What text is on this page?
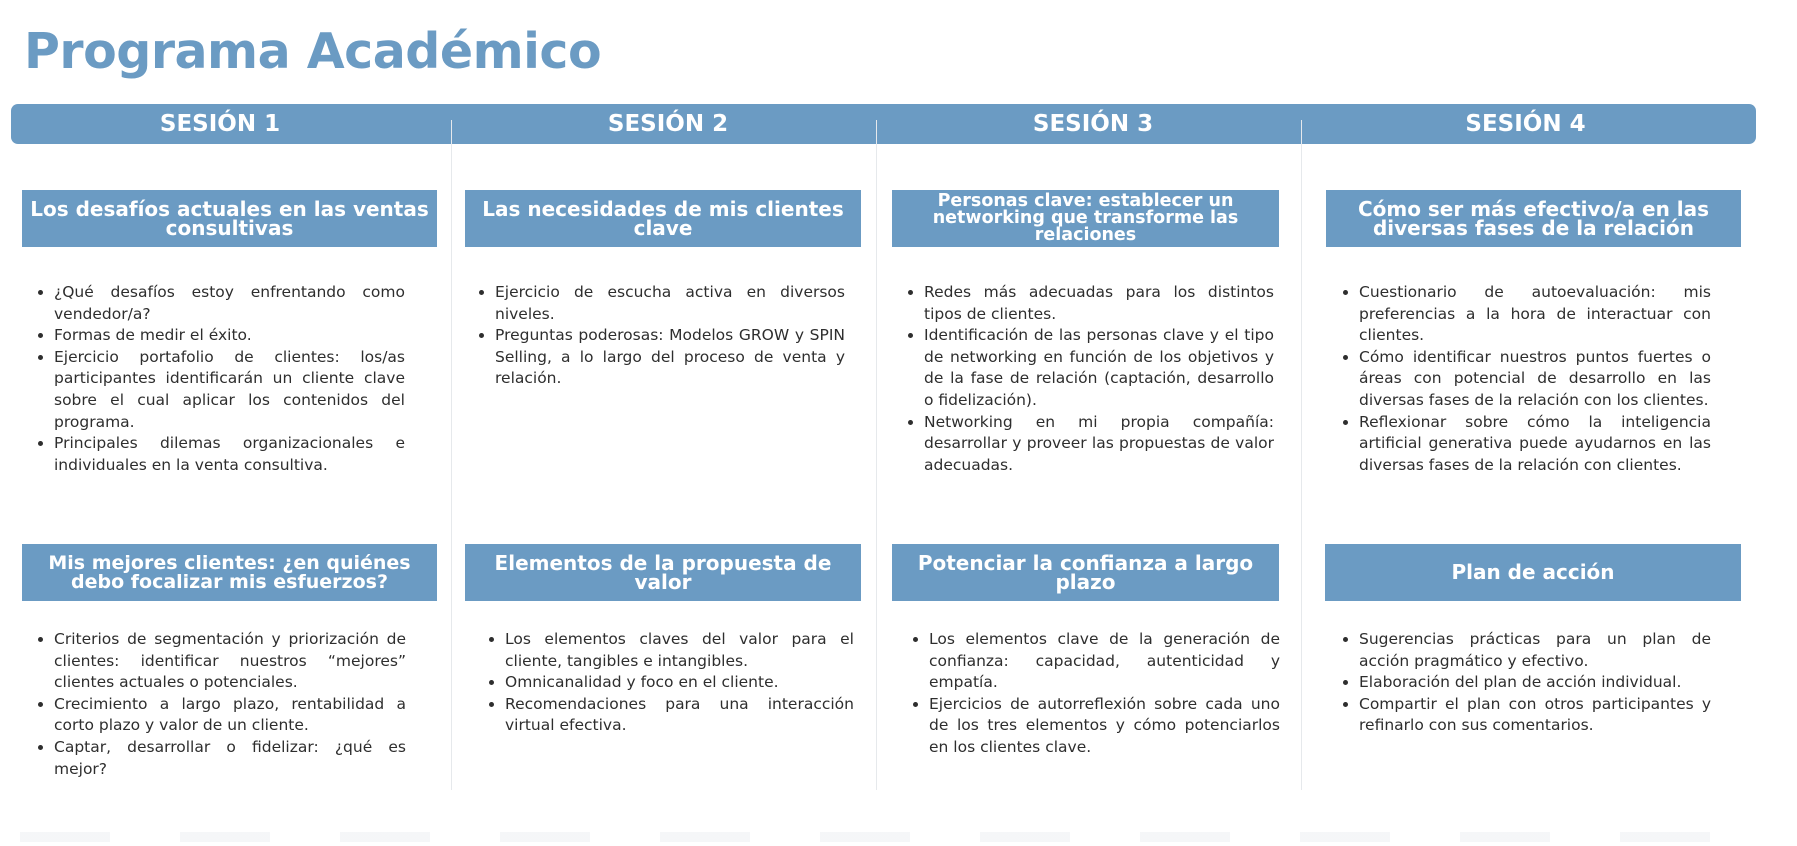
Programa Académico
SESIÓN 1	SESIÓN 2	SESIÓN 3	SESIÓN 4
Los desafíos actuales en las ventas consultivas
• ¿Qué desafíos estoy enfrentando como vendedor/a?
• Formas de medir el éxito.
• Ejercicio portafolio de clientes: los/as participantes identificarán un cliente clave sobre el cual aplicar los contenidos del programa.
• Principales dilemas organizacionales e individuales en la venta consultiva.
Mis mejores clientes: ¿en quiénes debo focalizar mis esfuerzos?
• Criterios de segmentación y priorización de clientes: identificar nuestros “mejores” clientes actuales o potenciales.
• Crecimiento a largo plazo, rentabilidad a corto plazo y valor de un cliente.
• Captar, desarrollar o fidelizar: ¿qué es mejor?
Las necesidades de mis clientes clave
• Ejercicio de escucha activa en diversos niveles.
• Preguntas poderosas: Modelos GROW y SPIN Selling, a lo largo del proceso de venta y relación.
Elementos de la propuesta de valor
• Los elementos claves del valor para el cliente, tangibles e intangibles.
• Omnicanalidad y foco en el cliente.
• Recomendaciones para una interacción virtual efectiva.
Personas clave: establecer un networking que transforme las relaciones
• Redes más adecuadas para los distintos tipos de clientes.
• Identificación de las personas clave y el tipo de networking en función de los objetivos y de la fase de relación (captación, desarrollo o fidelización).
• Networking en mi propia compañía: desarrollar y proveer las propuestas de valor adecuadas.
Potenciar la confianza a largo plazo
• Los elementos clave de la generación de confianza: capacidad, autenticidad y empatía.
• Ejercicios de autorreflexión sobre cada uno de los tres elementos y cómo potenciarlos en los clientes clave.
Cómo ser más efectivo/a en las diversas fases de la relación
• Cuestionario de autoevaluación: mis preferencias a la hora de interactuar con clientes.
• Cómo identificar nuestros puntos fuertes o áreas con potencial de desarrollo en las diversas fases de la relación con los clientes.
• Reflexionar sobre cómo la inteligencia artificial generativa puede ayudarnos en las diversas fases de la relación con clientes.
Plan de acción
• Sugerencias prácticas para un plan de acción pragmático y efectivo.
• Elaboración del plan de acción individual.
• Compartir el plan con otros participantes y refinarlo con sus comentarios.
